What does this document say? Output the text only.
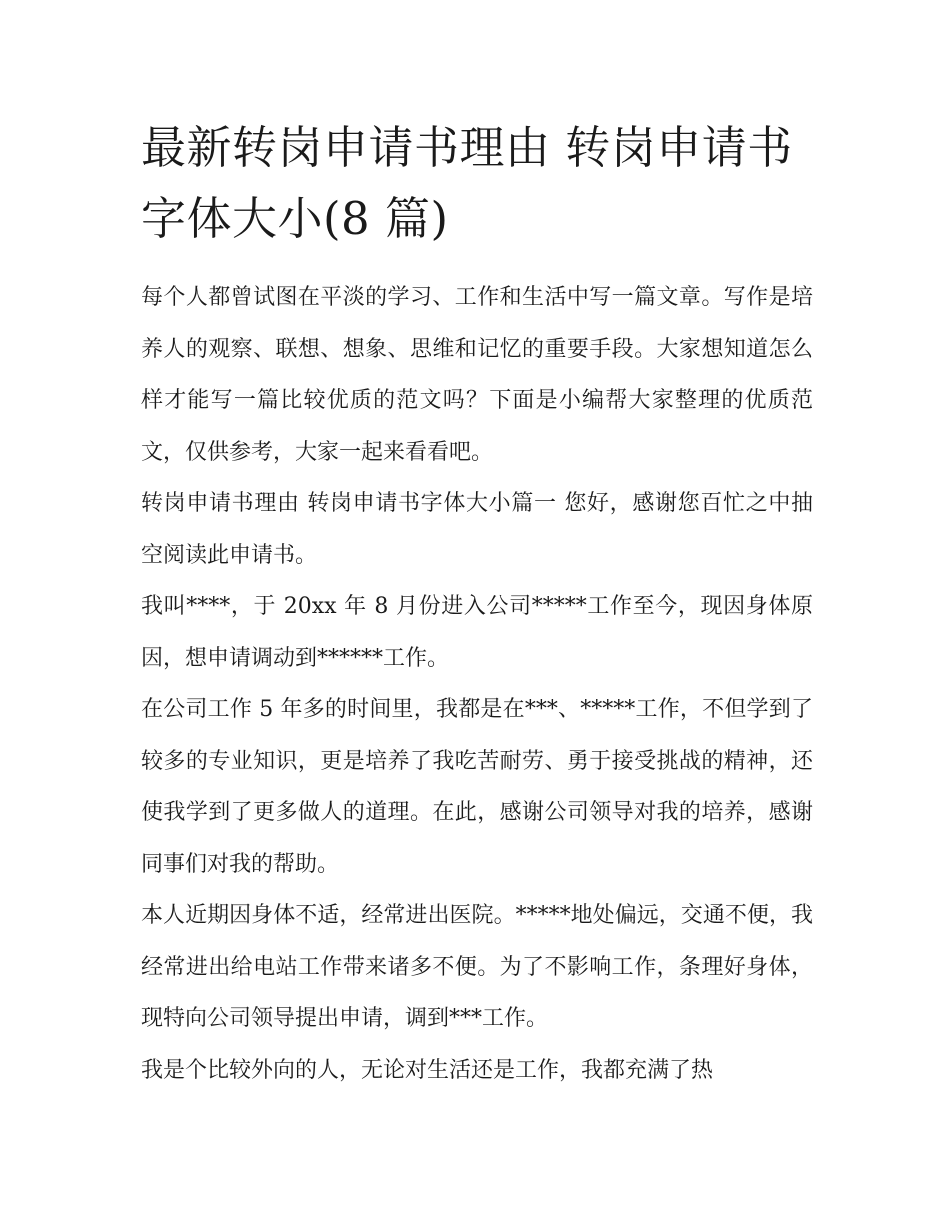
最新转岗申请书理由 转岗申请书字体大小(8 篇)

每个人都曾试图在平淡的学习、工作和生活中写一篇文章。写作是培养人的观察、联想、想象、思维和记忆的重要手段。大家想知道怎么样才能写一篇比较优质的范文吗？下面是小编帮大家整理的优质范文，仅供参考，大家一起来看看吧。

转岗申请书理由 转岗申请书字体大小篇一 您好，感谢您百忙之中抽空阅读此申请书。

我叫****，于 20xx 年 8 月份进入公司*****工作至今，现因身体原因，想申请调动到******工作。

在公司工作 5 年多的时间里，我都是在***、*****工作，不但学到了较多的专业知识，更是培养了我吃苦耐劳、勇于接受挑战的精神，还使我学到了更多做人的道理。在此，感谢公司领导对我的培养，感谢同事们对我的帮助。

本人近期因身体不适，经常进出医院。*****地处偏远，交通不便，我经常进出给电站工作带来诸多不便。为了不影响工作，条理好身体，现特向公司领导提出申请，调到***工作。

我是个比较外向的人，无论对生活还是工作，我都充满了热
